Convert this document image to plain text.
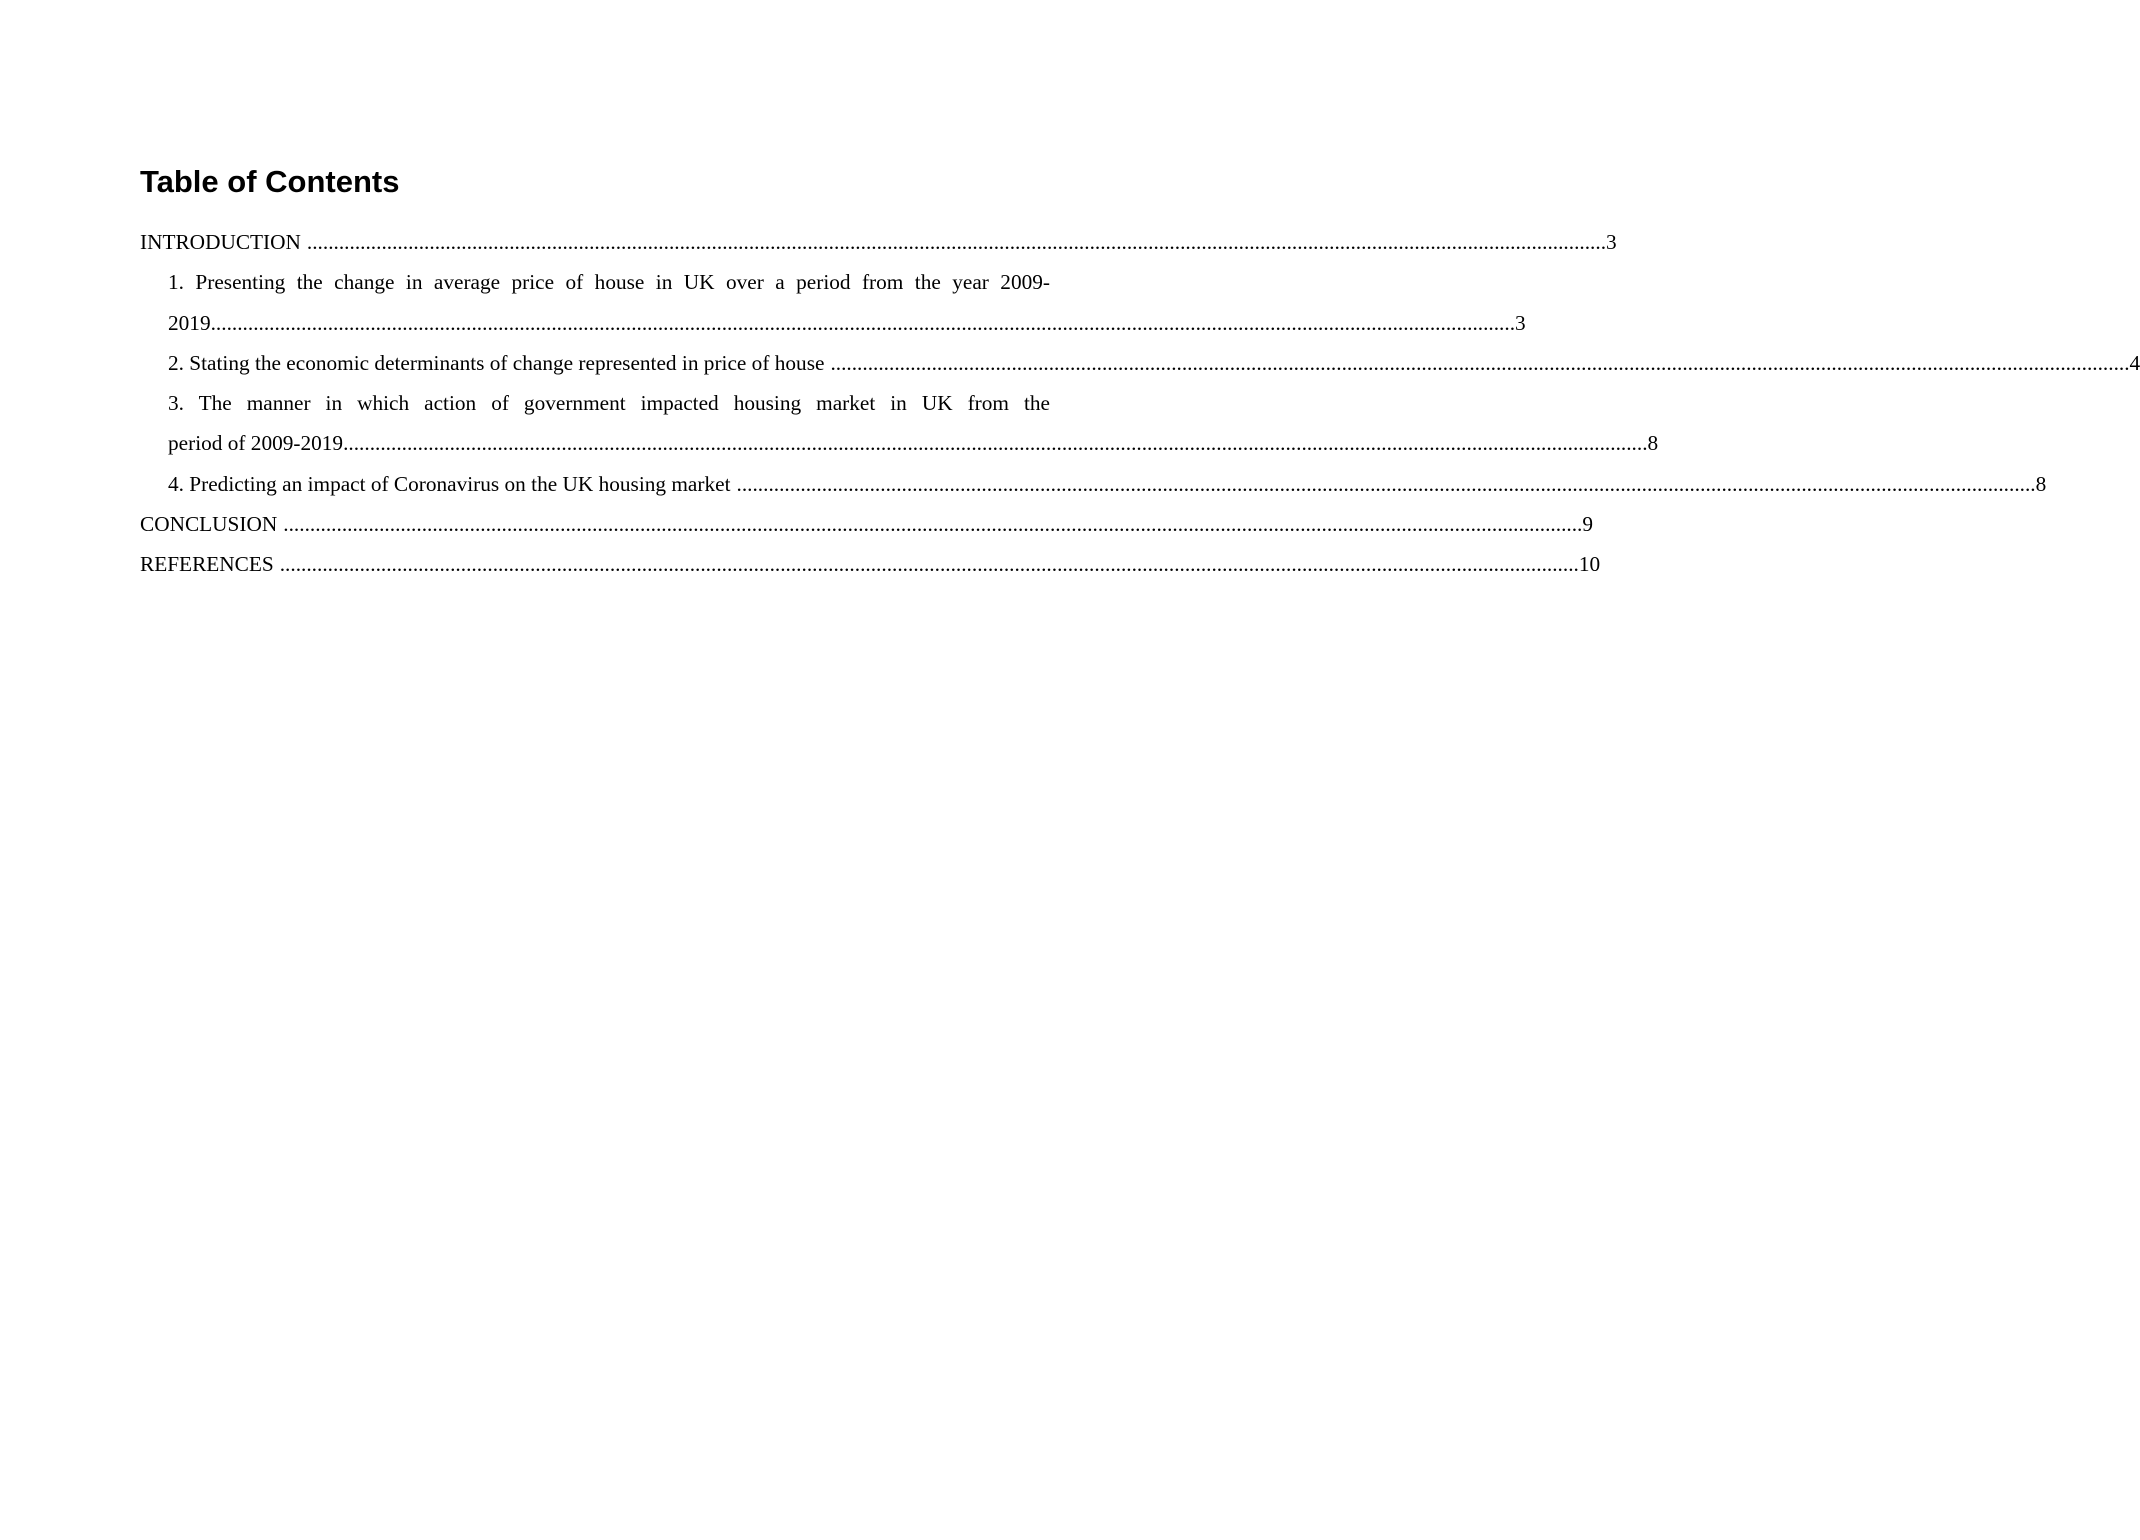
Table of Contents
INTRODUCTION .................................................................................................................................................................................................................................................... 3
1. Presenting the change in average price of house in UK over a period from the year 2009-
2019. .................................................................................................................................................................................................................................................... 3
2. Stating the economic determinants of change represented in price of house .................................................................................................................................................................................................................................................... 4
3. The manner in which action of government impacted housing market in UK from the
period of 2009-2019. .................................................................................................................................................................................................................................................... 8
4. Predicting an impact of Coronavirus on the UK housing market .................................................................................................................................................................................................................................................... 8
CONCLUSION .................................................................................................................................................................................................................................................... 9
REFERENCES .................................................................................................................................................................................................................................................... 10
